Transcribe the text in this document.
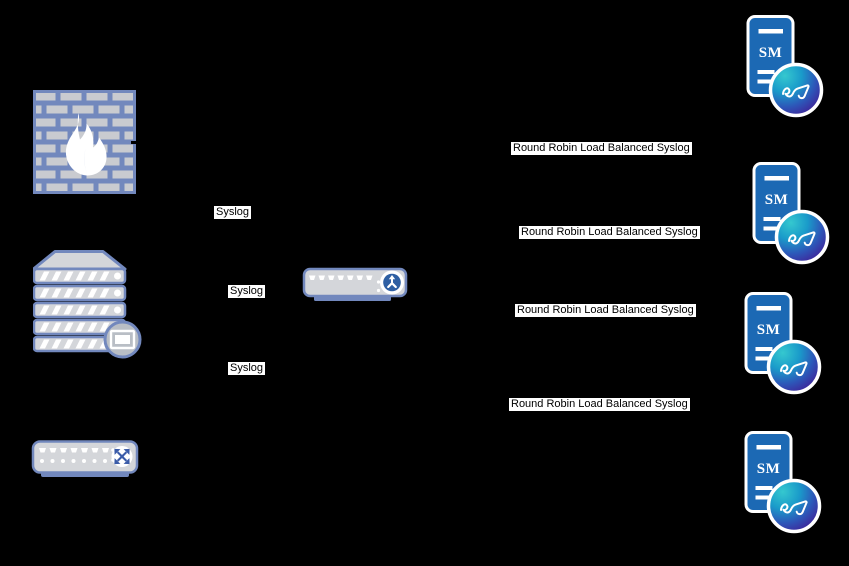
SM
SM
SM
SM
Syslog
Syslog
Syslog
Round Robin Load Balanced Syslog
Round Robin Load Balanced Syslog
Round Robin Load Balanced Syslog
Round Robin Load Balanced Syslog
